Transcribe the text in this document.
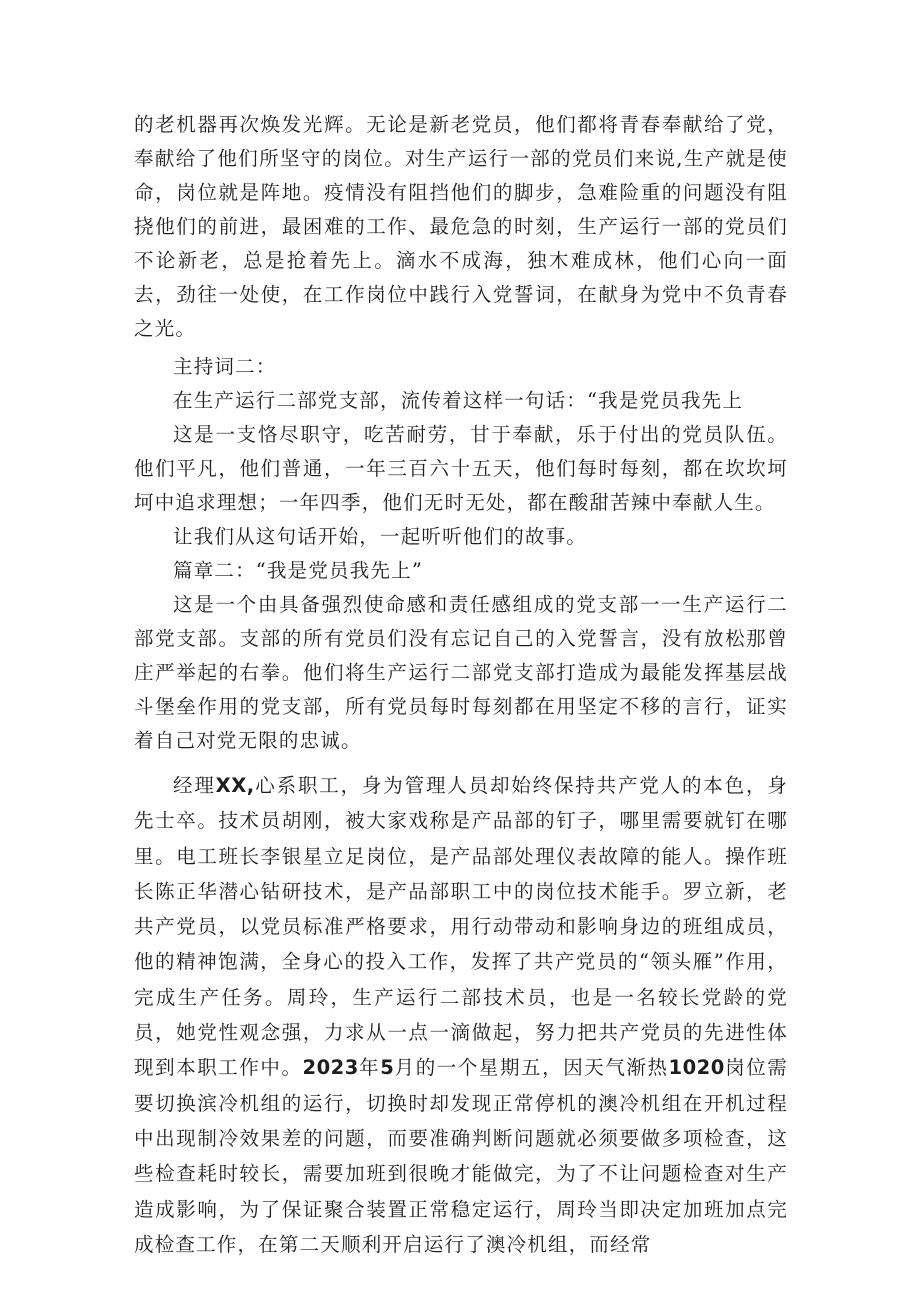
的老机器再次焕发光辉。无论是新老党员，他们都将青春奉献给了党，奉献给了他们所坚守的岗位。对生产运行一部的党员们来说,生产就是使命，岗位就是阵地。疫情没有阻挡他们的脚步，急难险重的问题没有阻挠他们的前进，最困难的工作、最危急的时刻，生产运行一部的党员们不论新老，总是抢着先上。滴水不成海，独木难成林，他们心向一面去，劲往一处使，在工作岗位中践行入党誓词，在献身为党中不负青春之光。

主持词二：

在生产运行二部党支部，流传着这样一句话：“我是党员我先上

这是一支恪尽职守，吃苦耐劳，甘于奉献，乐于付出的党员队伍。他们平凡，他们普通，一年三百六十五天，他们每时每刻，都在坎坎坷坷中追求理想；一年四季，他们无时无处，都在酸甜苦辣中奉献人生。

让我们从这句话开始，一起听听他们的故事。

篇章二：“我是党员我先上”

这是一个由具备强烈使命感和责任感组成的党支部一一生产运行二部党支部。支部的所有党员们没有忘记自己的入党誓言，没有放松那曾庄严举起的右拳。他们将生产运行二部党支部打造成为最能发挥基层战斗堡垒作用的党支部，所有党员每时每刻都在用坚定不移的言行，证实着自己对党无限的忠诚。

经理XX,心系职工，身为管理人员却始终保持共产党人的本色，身先士卒。技术员胡刚，被大家戏称是产品部的钉子，哪里需要就钉在哪里。电工班长李银星立足岗位，是产品部处理仪表故障的能人。操作班长陈正华潜心钻研技术，是产品部职工中的岗位技术能手。罗立新，老共产党员，以党员标准严格要求，用行动带动和影响身边的班组成员，他的精神饱满，全身心的投入工作，发挥了共产党员的“领头雁”作用，完成生产任务。周玲，生产运行二部技术员，也是一名较长党龄的党员，她党性观念强，力求从一点一滴做起，努力把共产党员的先进性体现到本职工作中。2023年5月的一个星期五，因天气渐热1020岗位需要切换滨冷机组的运行，切换时却发现正常停机的澳冷机组在开机过程中出现制冷效果差的问题，而要准确判断问题就必须要做多项检查，这些检查耗时较长，需要加班到很晚才能做完，为了不让问题检查对生产造成影响，为了保证聚合装置正常稳定运行，周玲当即决定加班加点完成检查工作，在第二天顺利开启运行了澳冷机组，而经常
